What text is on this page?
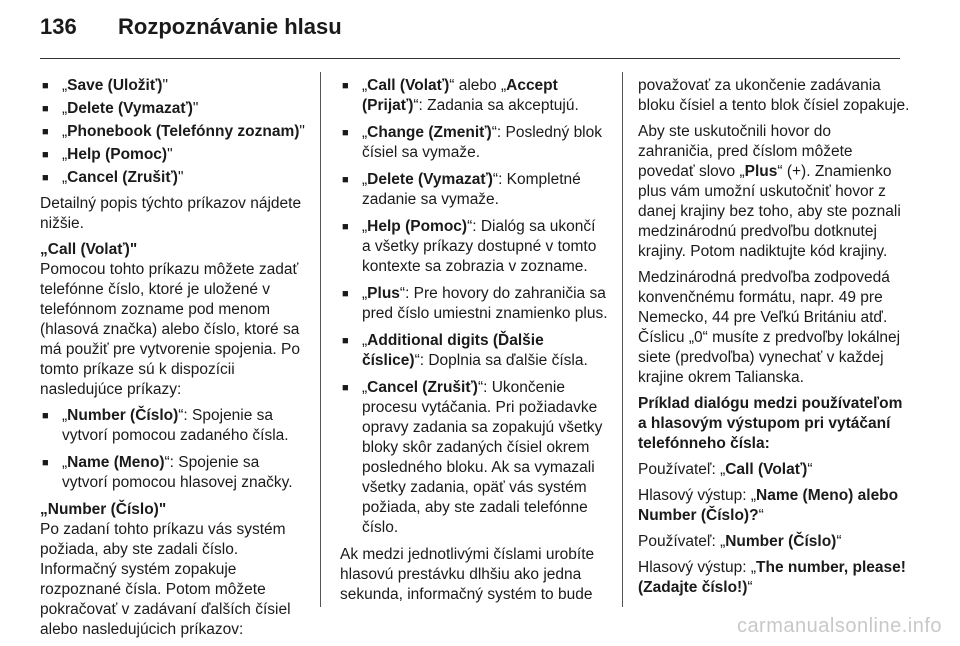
136 Rozpoznávanie hlasu
■ „Save (Uložiť)"
■ „Delete (Vymazať)"
■ „Phonebook (Telefónny zoznam)"
■ „Help (Pomoc)"
■ „Cancel (Zrušiť)"

Detailný popis týchto príkazov nájdete nižšie.

„Call (Volať)"

Pomocou tohto príkazu môžete zadať telefónne číslo, ktoré je uložené v telefónnom zozname pod menom (hlasová značka) alebo číslo, ktoré sa má použiť pre vytvorenie spojenia. Po tomto príkaze sú k dispozícii nasledujúce príkazy:

■ „Number (Číslo)“: Spojenie sa vytvorí pomocou zadaného čísla.
■ „Name (Meno)“: Spojenie sa vytvorí pomocou hlasovej značky.

„Number (Číslo)"

Po zadaní tohto príkazu vás systém požiada, aby ste zadali číslo. Informačný systém zopakuje rozpoznané čísla. Potom môžete pokračovať v zadávaní ďalších čísiel alebo nasledujúcich príkazov:

■ „Call (Volať)“ alebo „Accept (Prijať)“: Zadania sa akceptujú.
■ „Change (Zmeniť)“: Posledný blok čísiel sa vymaže.
■ „Delete (Vymazať)“: Kompletné zadanie sa vymaže.
■ „Help (Pomoc)“: Dialóg sa ukončí a všetky príkazy dostupné v tomto kontexte sa zobrazia v zozname.
■ „Plus“: Pre hovory do zahraničia sa pred číslo umiestni znamienko plus.
■ „Additional digits (Ďalšie číslice)“: Doplnia sa ďalšie čísla.
■ „Cancel (Zrušiť)“: Ukončenie procesu vytáčania. Pri požiadavke opravy zadania sa zopakujú všetky bloky skôr zadaných čísiel okrem posledného bloku. Ak sa vymazali všetky zadania, opäť vás systém požiada, aby ste zadali telefónne číslo.

Ak medzi jednotlivými číslami urobíte hlasovú prestávku dlhšiu ako jedna sekunda, informačný systém to bude

považovať za ukončenie zadávania bloku čísiel a tento blok čísiel zopakuje.

Aby ste uskutočnili hovor do zahraničia, pred číslom môžete povedať slovo „Plus“ (+). Znamienko plus vám umožní uskutočniť hovor z danej krajiny bez toho, aby ste poznali medzinárodnú predvoľbu dotknutej krajiny. Potom nadiktujte kód krajiny.

Medzinárodná predvoľba zodpovedá konvenčnému formátu, napr. 49 pre Nemecko, 44 pre Veľkú Britániu atď. Číslicu „0“ musíte z predvoľby lokálnej siete (predvoľba) vynechať v každej krajine okrem Talianska.

Príklad dialógu medzi používateľom a hlasovým výstupom pri vytáčaní telefónneho čísla:

Používateľ: „Call (Volať)“

Hlasový výstup: „Name (Meno) alebo Number (Číslo)?“

Používateľ: „Number (Číslo)“

Hlasový výstup: „The number, please! (Zadajte číslo!)“

carmanualsonline.info
